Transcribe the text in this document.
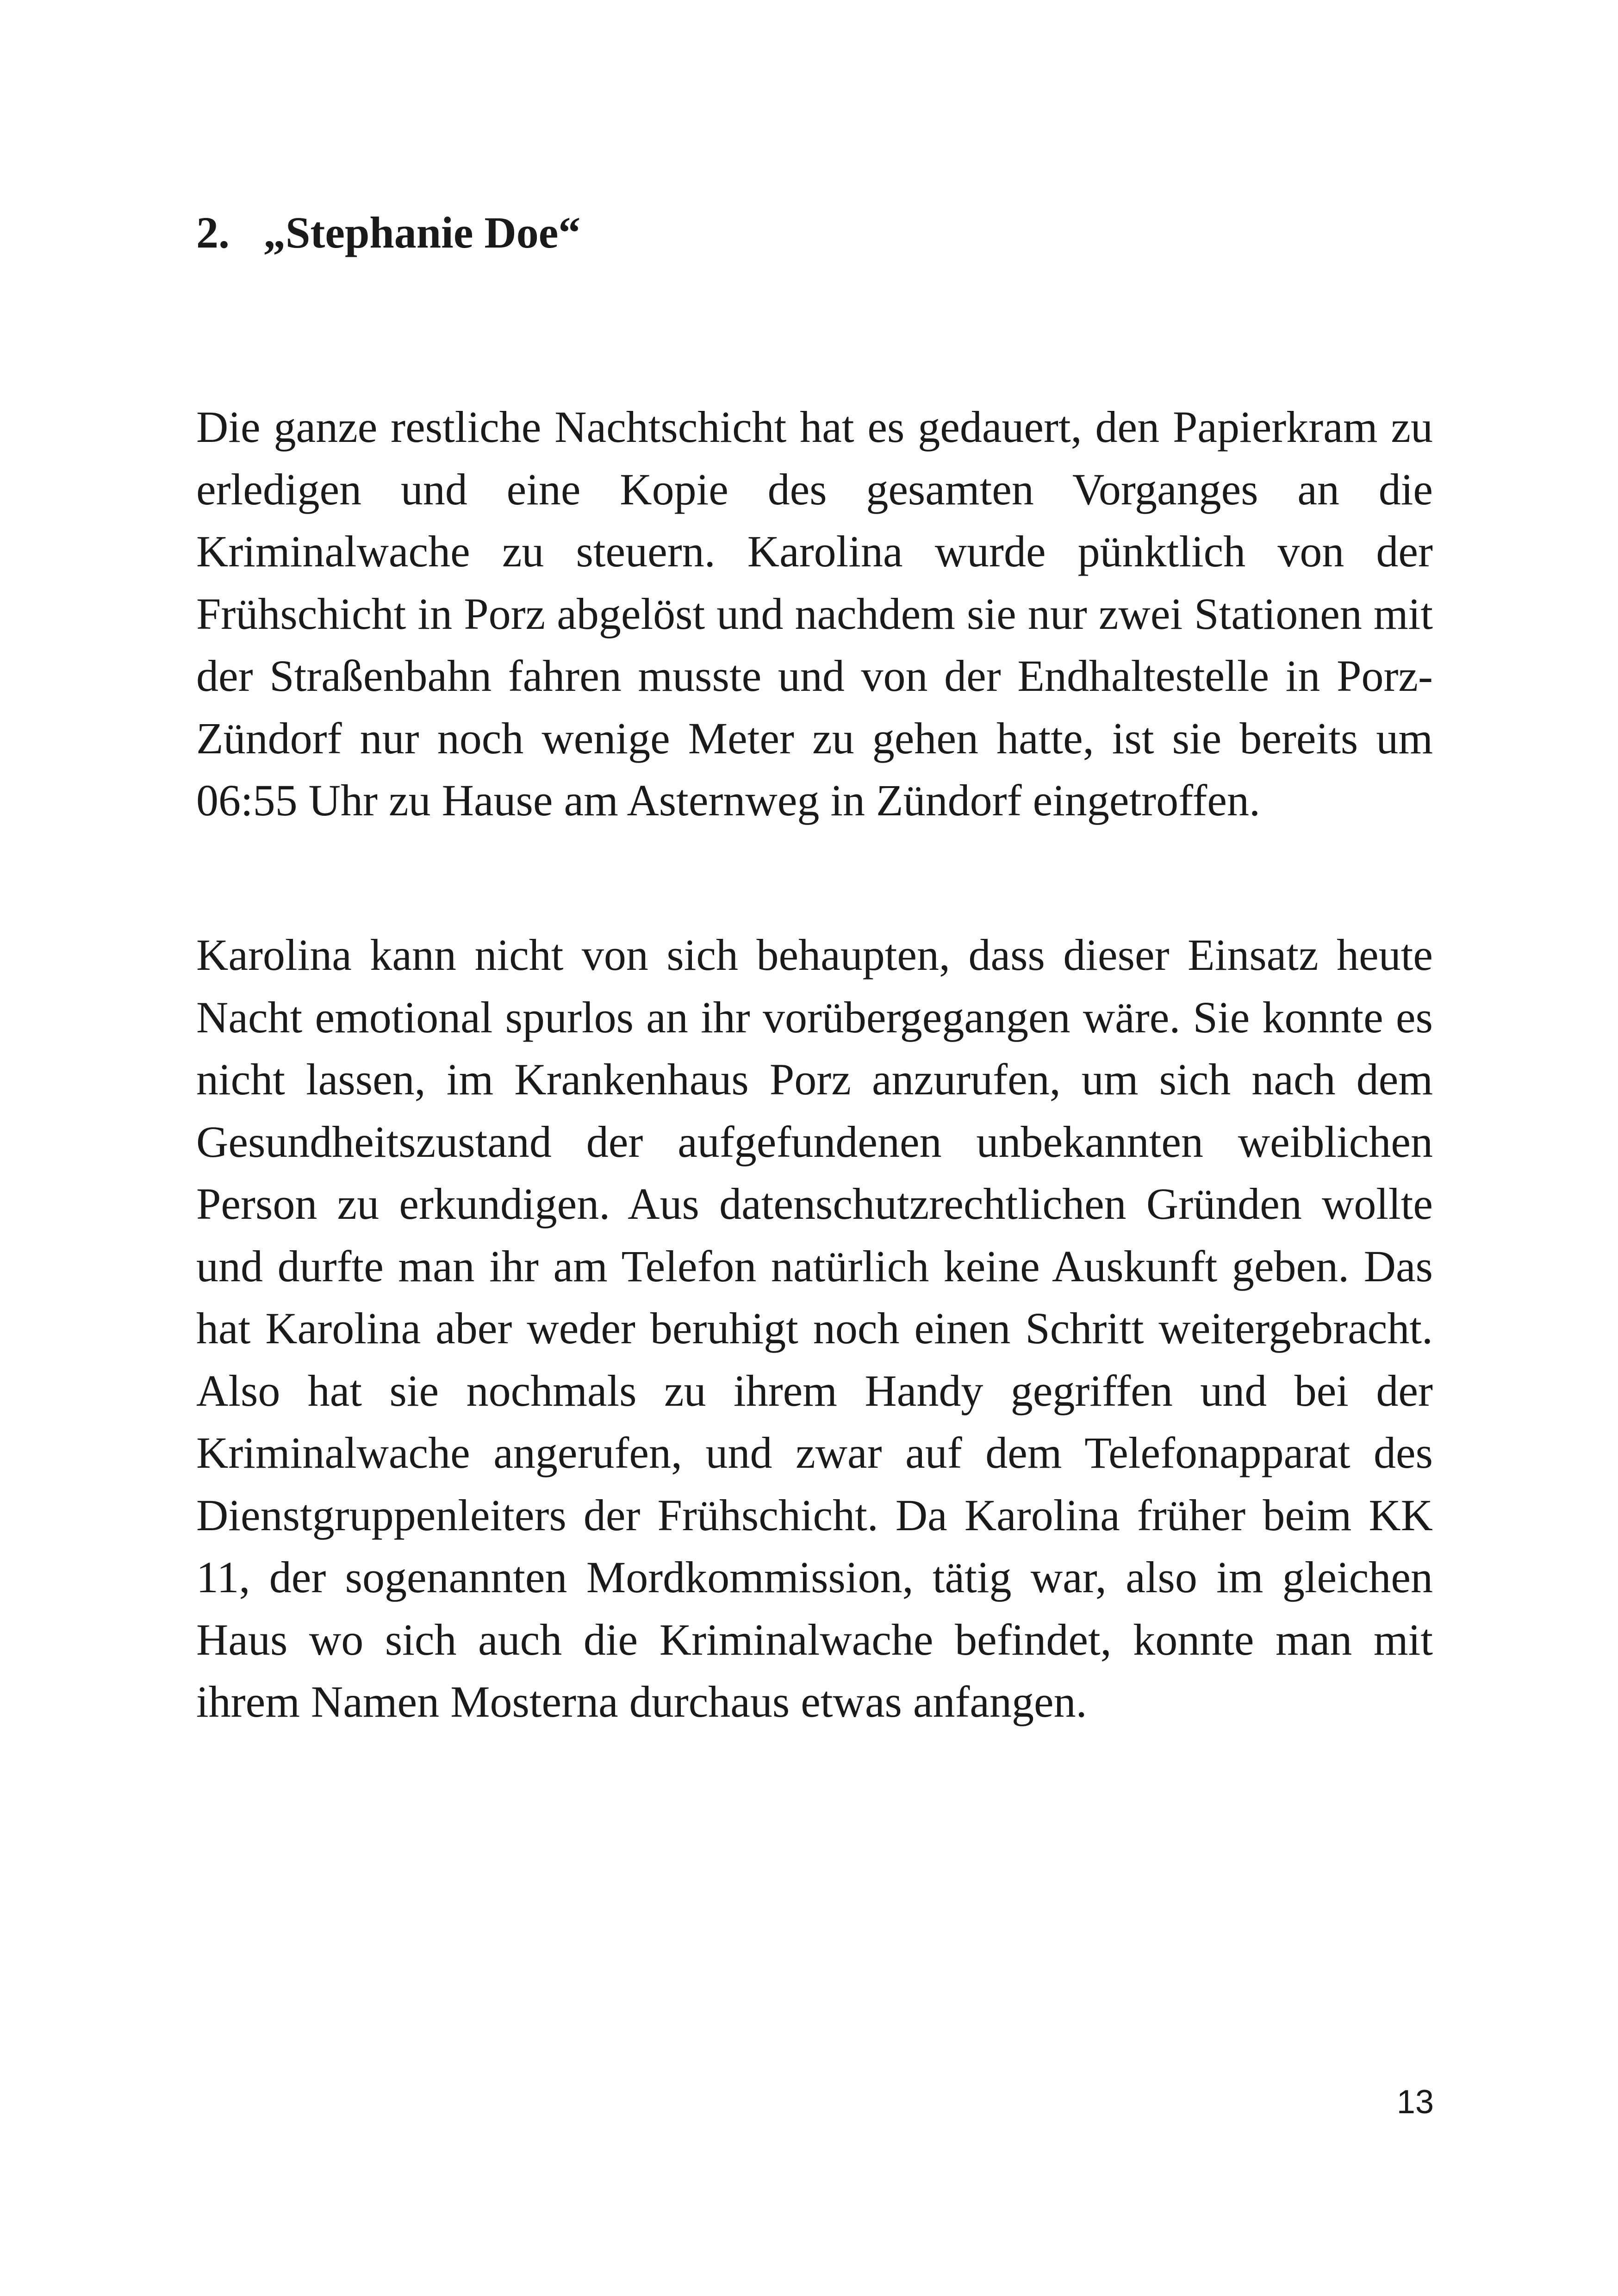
2. „Stephanie Doe“

Die ganze restliche Nachtschicht hat es gedauert, den Papierkram zu erledigen und eine Kopie des gesamten Vorganges an die Kriminalwache zu steuern. Karolina wurde pünktlich von der Frühschicht in Porz abgelöst und nachdem sie nur zwei Stationen mit der Straßenbahn fahren musste und von der Endhaltestelle in Porz-Zündorf nur noch wenige Meter zu gehen hatte, ist sie bereits um 06:55 Uhr zu Hause am Asternweg in Zündorf eingetroffen.

Karolina kann nicht von sich behaupten, dass dieser Einsatz heute Nacht emotional spurlos an ihr vorübergegangen wäre. Sie konnte es nicht lassen, im Krankenhaus Porz anzurufen, um sich nach dem Gesundheitszustand der aufgefundenen unbekannten weiblichen Person zu erkundigen. Aus datenschutzrechtlichen Gründen wollte und durfte man ihr am Telefon natürlich keine Auskunft geben. Das hat Karolina aber weder beruhigt noch einen Schritt weitergebracht. Also hat sie nochmals zu ihrem Handy gegriffen und bei der Kriminalwache angerufen, und zwar auf dem Telefonapparat des Dienstgruppenleiters der Frühschicht. Da Karolina früher beim KK 11, der sogenannten Mordkommission, tätig war, also im gleichen Haus wo sich auch die Kriminalwache befindet, konnte man mit ihrem Namen Mosterna durchaus etwas anfangen.

13
